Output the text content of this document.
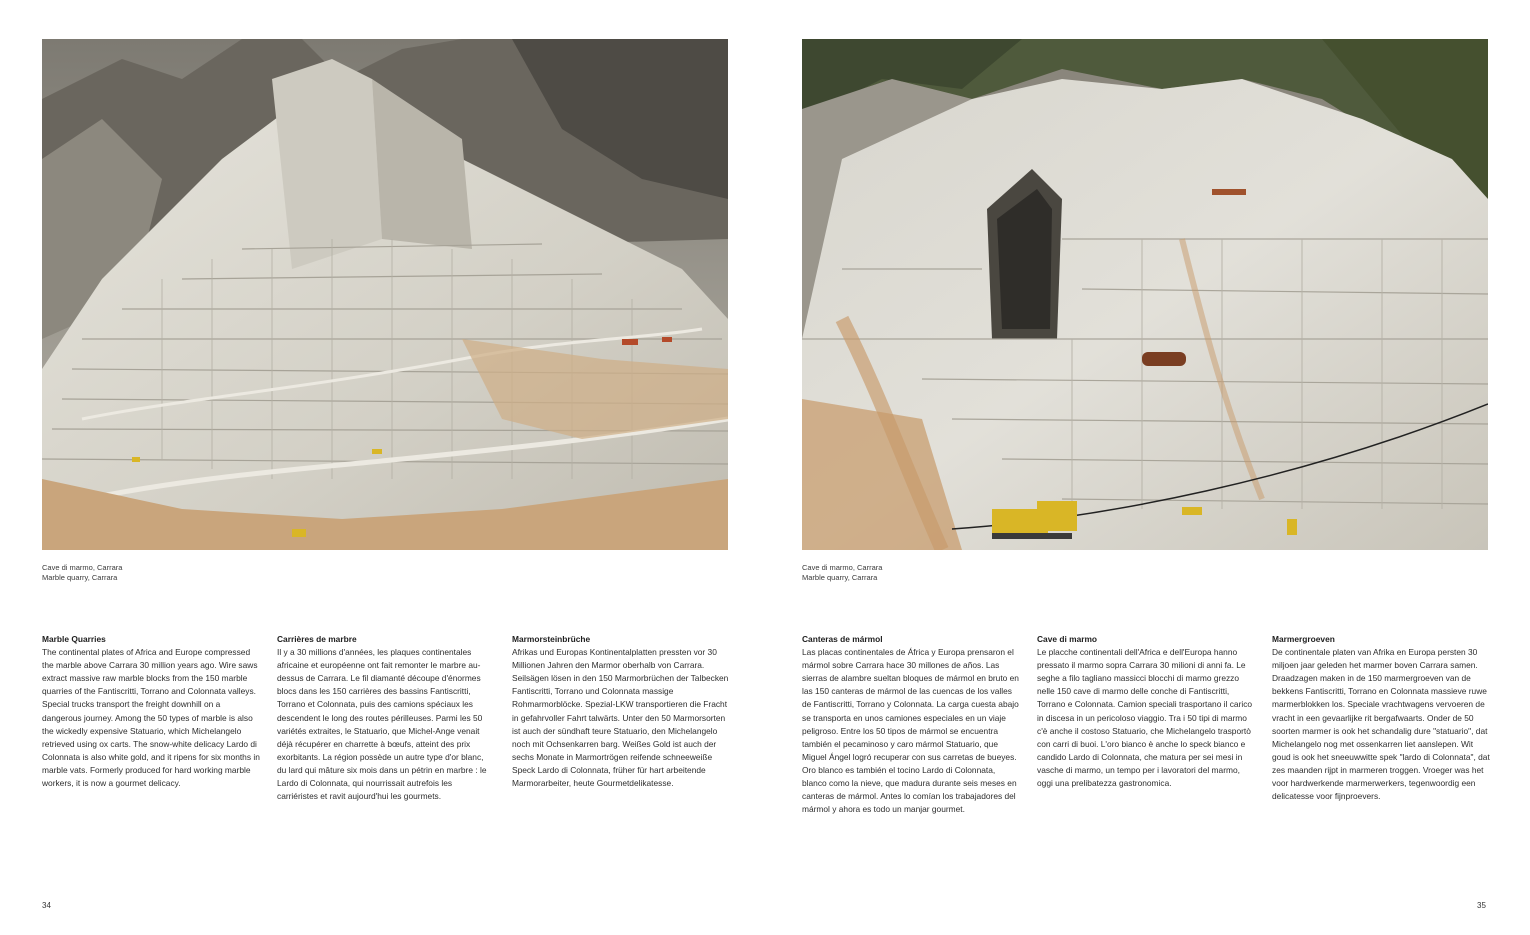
Cave di marmo, Carrara
Marble quarry, Carrara
Marble Quarries

The continental plates of Africa and Europe compressed the marble above Carrara 30 million years ago. Wire saws extract massive raw marble blocks from the 150 marble quarries of the Fantiscritti, Torrano and Colonnata valleys. Special trucks transport the freight downhill on a dangerous journey. Among the 50 types of marble is also the wickedly expensive Statuario, which Michelangelo retrieved using ox carts. The snow-white delicacy Lardo di Colonnata is also white gold, and it ripens for six months in marble vats. Formerly produced for hard working marble workers, it is now a gourmet delicacy.

Carrières de marbre

Il y a 30 millions d'années, les plaques continentales africaine et européenne ont fait remonter le marbre au-dessus de Carrara. Le fil diamanté découpe d'énormes blocs dans les 150 carrières des bassins Fantiscritti, Torrano et Colonnata, puis des camions spéciaux les descendent le long des routes périlleuses. Parmi les 50 variétés extraites, le Statuario, que Michel-Ange venait déjà récupérer en charrette à bœufs, atteint des prix exorbitants. La région possède un autre type d'or blanc, du lard qui mâture six mois dans un pétrin en marbre : le Lardo di Colonnata, qui nourrissait autrefois les carriéristes et ravit aujourd'hui les gourmets.

Marmorsteinbrüche

Afrikas und Europas Kontinentalplatten pressten vor 30 Millionen Jahren den Marmor oberhalb von Carrara. Seilsägen lösen in den 150 Marmorbrüchen der Talbecken Fantiscritti, Torrano und Colonnata massige Rohmarmorblöcke. Spezial-LKW transportieren die Fracht in gefahrvoller Fahrt talwärts. Unter den 50 Marmorsorten ist auch der sündhaft teure Statuario, den Michelangelo noch mit Ochsenkarren barg. Weißes Gold ist auch der sechs Monate in Marmortrögen reifende schneeweiße Speck Lardo di Colonnata, früher für hart arbeitende Marmorarbeiter, heute Gourmetdelikatesse.

34
Cave di marmo, Carrara
Marble quarry, Carrara
Canteras de mármol

Las placas continentales de África y Europa prensaron el mármol sobre Carrara hace 30 millones de años. Las sierras de alambre sueltan bloques de mármol en bruto en las 150 canteras de mármol de las cuencas de los valles de Fantiscritti, Torrano y Colonnata. La carga cuesta abajo se transporta en unos camiones especiales en un viaje peligroso. Entre los 50 tipos de mármol se encuentra también el pecaminoso y caro mármol Statuario, que Miguel Ángel logró recuperar con sus carretas de bueyes. Oro blanco es también el tocino Lardo di Colonnata, blanco como la nieve, que madura durante seis meses en canteras de mármol. Antes lo comían los trabajadores del mármol y ahora es todo un manjar gourmet.

Cave di marmo

Le placche continentali dell'Africa e dell'Europa hanno pressato il marmo sopra Carrara 30 milioni di anni fa. Le seghe a filo tagliano massicci blocchi di marmo grezzo nelle 150 cave di marmo delle conche di Fantiscritti, Torrano e Colonnata. Camion speciali trasportano il carico in discesa in un pericoloso viaggio. Tra i 50 tipi di marmo c'è anche il costoso Statuario, che Michelangelo trasportò con carri di buoi. L'oro bianco è anche lo speck bianco e candido Lardo di Colonnata, che matura per sei mesi in vasche di marmo, un tempo per i lavoratori del marmo, oggi una prelibatezza gastronomica.

Marmergroeven

De continentale platen van Afrika en Europa persten 30 miljoen jaar geleden het marmer boven Carrara samen. Draadzagen maken in de 150 marmergroeven van de bekkens Fantiscritti, Torrano en Colonnata massieve ruwe marmerblokken los. Speciale vrachtwagens vervoeren de vracht in een gevaarlijke rit bergafwaarts. Onder de 50 soorten marmer is ook het schandalig dure "statuario", dat Michelangelo nog met ossenkarren liet aanslepen. Wit goud is ook het sneeuwwitte spek "lardo di Colonnata", dat zes maanden rijpt in marmeren troggen. Vroeger was het voor hardwerkende marmerwerkers, tegenwoordig een delicatesse voor fijnproevers.

35
